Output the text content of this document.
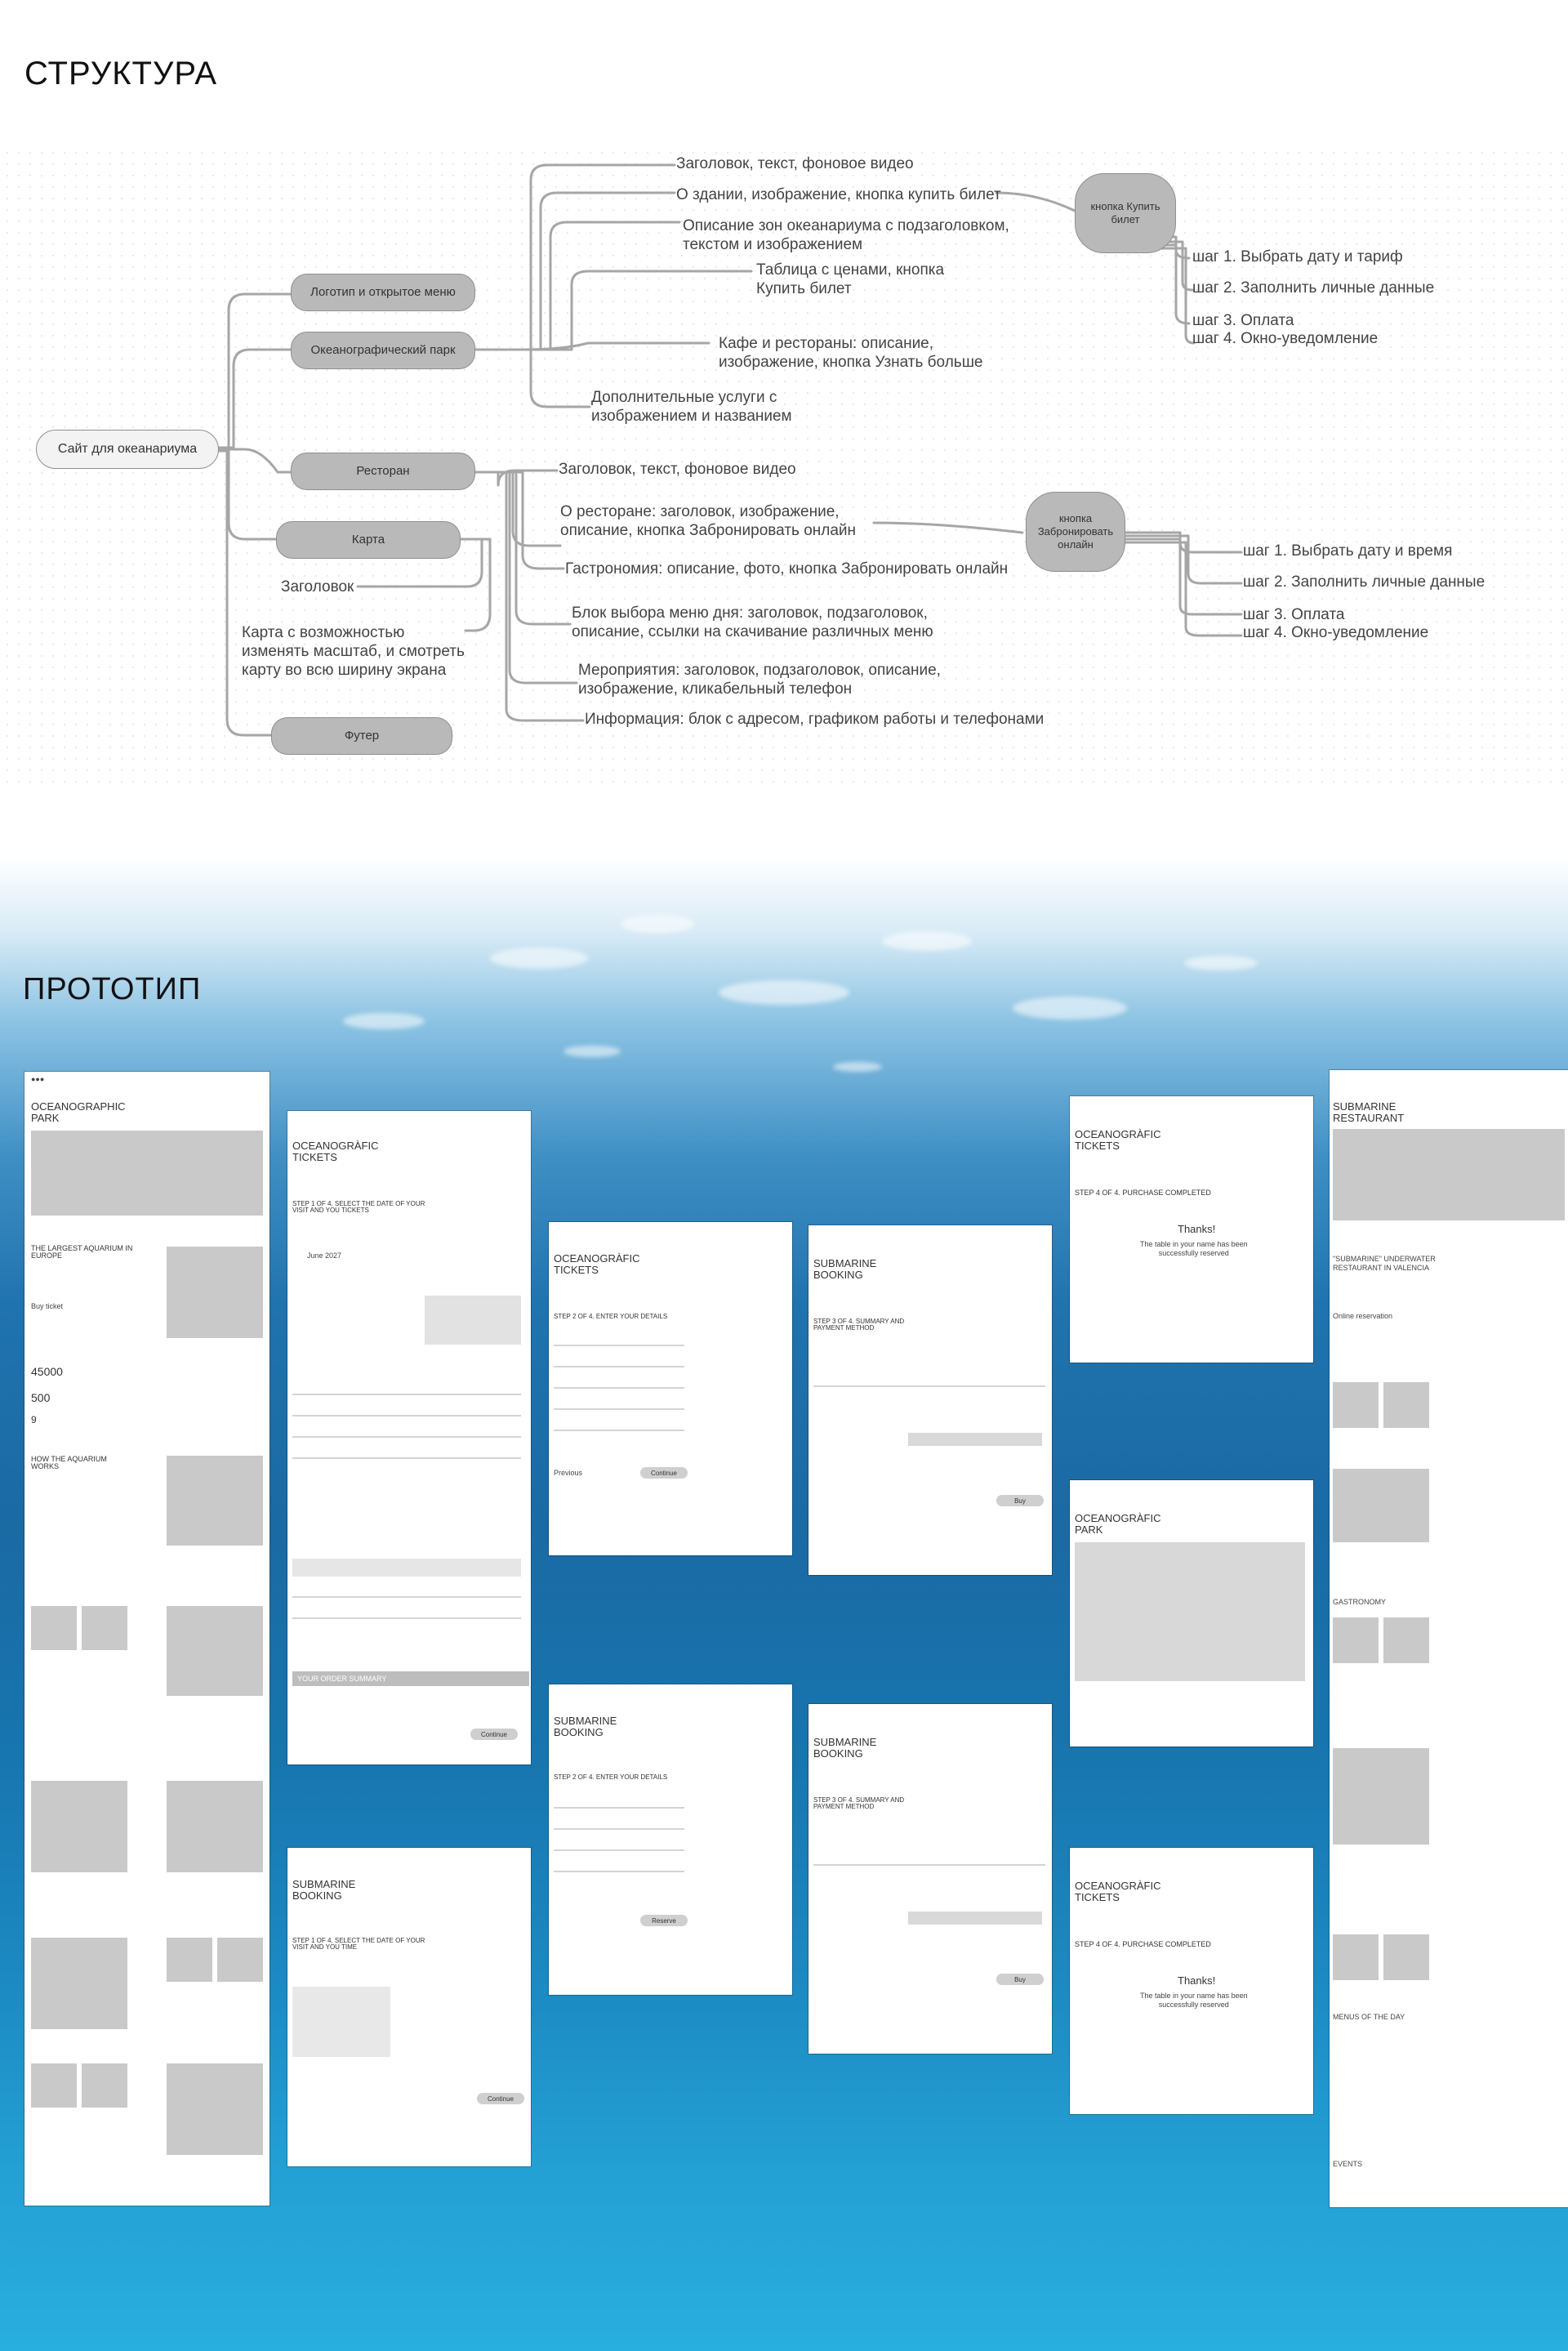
СТРУКТУРА
Сайт для океанариума
Логотип и открытое меню
Океанографический парк
Ресторан
Карта
Футер
Заголовок, текст, фоновое видео
О здании, изображение, кнопка купить билет
Описание зон океанариума с подзаголовком,
текстом и изображением
Таблица с ценами, кнопка
Купить билет
Кафе и рестораны: описание,
изображение, кнопка Узнать больше
Дополнительные услуги с
изображением и названием
кнопка Купить
билет
шаг 1. Выбрать дату и тариф
шаг 2. Заполнить личные данные
шаг 3. Оплата
шаг 4. Окно-уведомление
Заголовок, текст, фоновое видео
О ресторане: заголовок, изображение,
описание, кнопка Забронировать онлайн
Гастрономия: описание, фото, кнопка Забронировать онлайн
Блок выбора меню дня: заголовок, подзаголовок,
описание, ссылки на скачивание различных меню
Мероприятия: заголовок, подзаголовок, описание,
изображение, кликабельный телефон
Информация: блок с адресом, графиком работы и телефонами
кнопка
Забронировать
онлайн	шаг 1. Выбрать дату и время
шаг 2. Заполнить личные данные
шаг 3. Оплата
шаг 4. Окно-уведомление
Заголовок
Карта с возможностью
изменять масштаб, и смотреть
карту во всю ширину экрана
ПРОТОТИП
●●●
OCEANOGRAPHIC
PARK
THE LARGEST AQUARIUM IN
EUROPE
Buy ticket
45000
500
9
HOW THE AQUARIUM
WORKS
OCEANOGRÀFIC
TICKETS
STEP 1 OF 4. SELECT THE DATE OF YOUR
VISIT AND YOU TICKETS
June 2027
YOUR ORDER SUMMARY
Continue
SUBMARINE
BOOKING
STEP 1 OF 4. SELECT THE DATE OF YOUR
VISIT AND YOU TIME
Continue
OCEANOGRÀFIC
TICKETS
STEP 2 OF 4. ENTER YOUR DETAILS
Continue
Previous
SUBMARINE
BOOKING
STEP 2 OF 4. ENTER YOUR DETAILS
Reserve
SUBMARINE
BOOKING
STEP 3 OF 4. SUMMARY AND
PAYMENT METHOD
Buy
SUBMARINE
BOOKING
STEP 3 OF 4. SUMMARY AND
PAYMENT METHOD
Buy
OCEANOGRÀFIC
TICKETS
STEP 4 OF 4. PURCHASE COMPLETED
Thanks!
The table in your name has been
successfully reserved
OCEANOGRÀFIC
PARK
OCEANOGRÀFIC
TICKETS
STEP 4 OF 4. PURCHASE COMPLETED
Thanks!
The table in your name has been
successfully reserved
SUBMARINE
RESTAURANT
"SUBMARINE" UNDERWATER
RESTAURANT IN VALENCIA
Online reservation
GASTRONOMY
MENUS OF THE DAY
EVENTS
